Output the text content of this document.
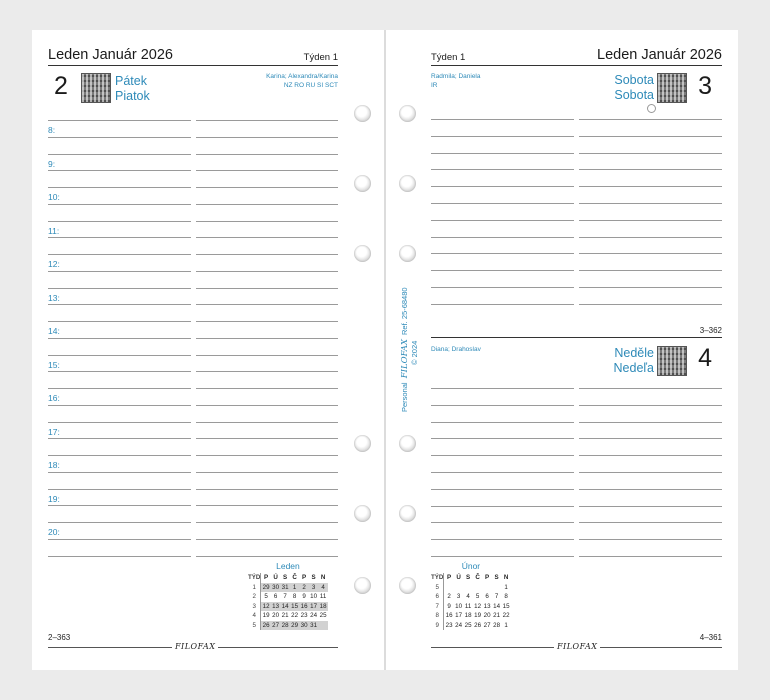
Leden Január 2026	Týden 1
2	Pátek
Piatok
Karina; Alexandra/Karina
NZ RO RU SI SCT
8:
9:
10:
11:
12:
13:
14:
15:
16:
17:
18:
19:
20:
Leden
TÝD	P	Ú	S	Č	P	S	N
1	29	30	31	1	2	3	4
2	5	6	7	8	9	10	11
3	12	13	14	15	16	17	18
4	19	20	21	22	23	24	25
5	26	27	28	29	30	31	
2–363
FILOFAX
Týden 1	Leden Január 2026
Radmila; Daniela
IR	Sobota
Sobota 3
3–362
Diana; Drahoslav	Neděle
Nedeľa 4
Únor
TÝD	P	Ú	S	Č	P	S	N
5							1
6	2	3	4	5	6	7	8
7	9	10	11	12	13	14	15
8	16	17	18	19	20	21	22
9	23	24	25	26	27	28	1
FILOFAX
4–361
Personal FILOFAX Ref. 25-68480
© 2024
